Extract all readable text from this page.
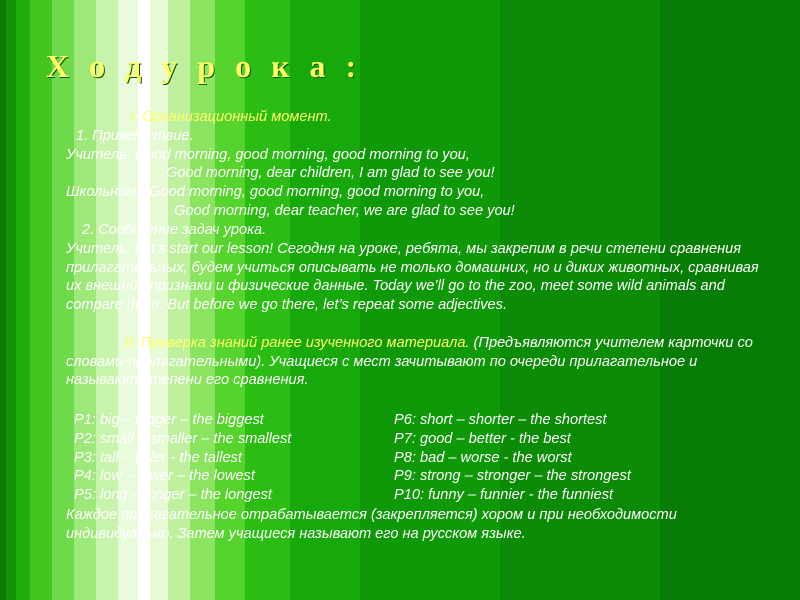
Х о д у р о к а :
I. Организационный момент.
1. Приветствие.
Учитель: Good morning, good morning, good morning to you,
Good morning, dear children, I am glad to see you!
Школьники: Good morning, good morning, good morning to you,
Good morning, dear teacher, we are glad to see you!
2. Сообщение задач урока.
Учитель: Let’s start our lesson! Сегодня на уроке, ребята, мы закрепим в речи степени сравнения прилагательных, будем учиться описывать не только домашних, но и диких животных, сравнивая их внешние признаки и физические данные. Today we’ll go to the zoo, meet some wild animals and compare them. But before we go there, let’s repeat some adjectives.

II. Проверка знаний ранее изученного материала. (Предъявляются учителем карточки со словами-прилагательными). Учащиеся с мест зачитывают по очереди прилагательное и называют степени его сравнения.

P1: big – bigger – the biggest	P6: short – shorter – the shortest
P2: small – smaller – the smallest	P7: good – better - the best
P3: tall – taller - the tallest	P8: bad – worse - the worst
P4: low – lower – the lowest	P9: strong – stronger – the strongest
P5: long – longer – the longest	P10: funny – funnier - the funniest
Каждое прилагательное отрабатывается (закрепляется) хором и при необходимости индивидуально. Затем учащиеся называют его на русском языке.
